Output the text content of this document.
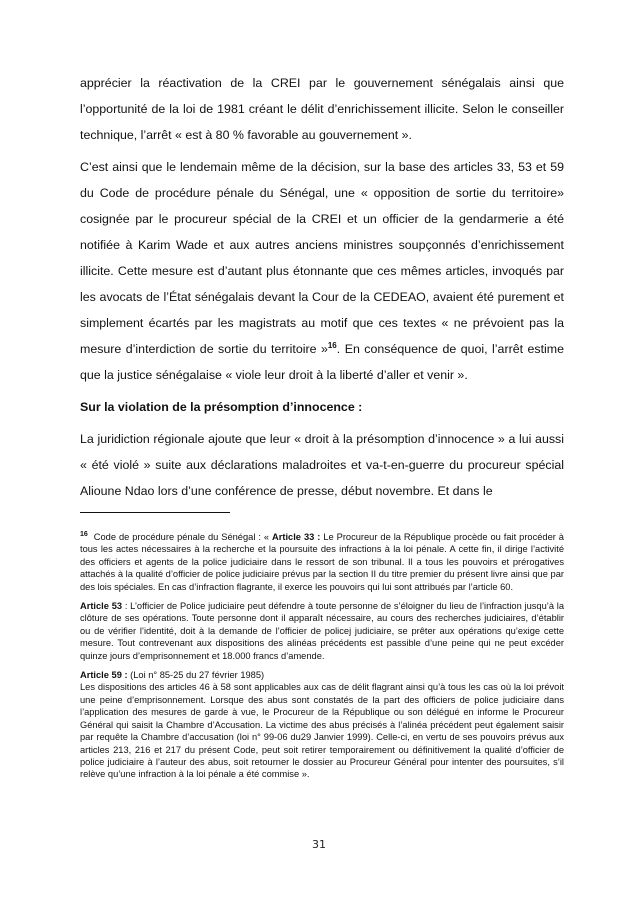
apprécier la réactivation de la CREI par le gouvernement sénégalais ainsi que l’opportunité de la loi de 1981 créant le délit d’enrichissement illicite. Selon le conseiller technique, l’arrêt « est à 80 % favorable au gouvernement ».

C’est ainsi que le lendemain même de la décision, sur la base des articles 33, 53 et 59 du Code de procédure pénale du Sénégal, une « opposition de sortie du territoire» cosignée par le procureur spécial de la CREI et un officier de la gendarmerie a été notifiée à Karim Wade et aux autres anciens ministres soupçonnés d’enrichissement illicite. Cette mesure est d’autant plus étonnante que ces mêmes articles, invoqués par les avocats de l’État sénégalais devant la Cour de la CEDEAO, avaient été purement et simplement écartés par les magistrats au motif que ces textes « ne prévoient pas la mesure d’interdiction de sortie du territoire »$^{16}$. En conséquence de quoi, l’arrêt estime que la justice sénégalaise « viole leur droit à la liberté d’aller et venir ».

Sur la violation de la présomption d’innocence :

La juridiction régionale ajoute que leur « droit à la présomption d’innocence » a lui aussi « été violé » suite aux déclarations maladroites et va-t-en-guerre du procureur spécial Alioune Ndao lors d’une conférence de presse, début novembre. Et dans le

$^{16}$ Code de procédure pénale du Sénégal : « Article 33 : Le Procureur de la République procède ou fait procéder à tous les actes nécessaires à la recherche et la poursuite des infractions à la loi pénale. A cette fin, il dirige l’activité des officiers et agents de la police judiciaire dans le ressort de son tribunal. Il a tous les pouvoirs et prérogatives attachés à la qualité d’officier de police judiciaire prévus par la section II du titre premier du présent livre ainsi que par des lois spéciales. En cas d’infraction flagrante, il exerce les pouvoirs qui lui sont attribués par l’article 60.

Article 53 : L’officier de Police judiciaire peut défendre à toute personne de s’éloigner du lieu de l’infraction jusqu’à la clôture de ses opérations. Toute personne dont il apparaît nécessaire, au cours des recherches judiciaires, d’établir ou de vérifier l’identité, doit à la demande de l’officier de policej judiciaire, se prêter aux opérations qu’exige cette mesure. Tout contrevenant aux dispositions des alinéas précédents est passible d’une peine qui ne peut excéder quinze jours d’emprisonnement et 18.000 francs d’amende.

Article 59 : (Loi n° 85-25 du 27 février 1985)
Les dispositions des articles 46 à 58 sont applicables aux cas de délit flagrant ainsi qu’à tous les cas où la loi prévoit une peine d’emprisonnement. Lorsque des abus sont constatés de la part des officiers de police judiciaire dans l’application des mesures de garde à vue, le Procureur de la République ou son délégué en informe le Procureur Général qui saisit la Chambre d’Accusation. La victime des abus précisés à l’alinéa précédent peut également saisir par requête la Chambre d’accusation (loi n° 99-06 du29 Janvier 1999). Celle-ci, en vertu de ses pouvoirs prévus aux articles 213, 216 et 217 du présent Code, peut soit retirer temporairement ou définitivement la qualité d’officier de police judiciaire à l’auteur des abus, soit retourner le dossier au Procureur Général pour intenter des poursuites, s’il relève qu’une infraction à la loi pénale a été commise ».

31
